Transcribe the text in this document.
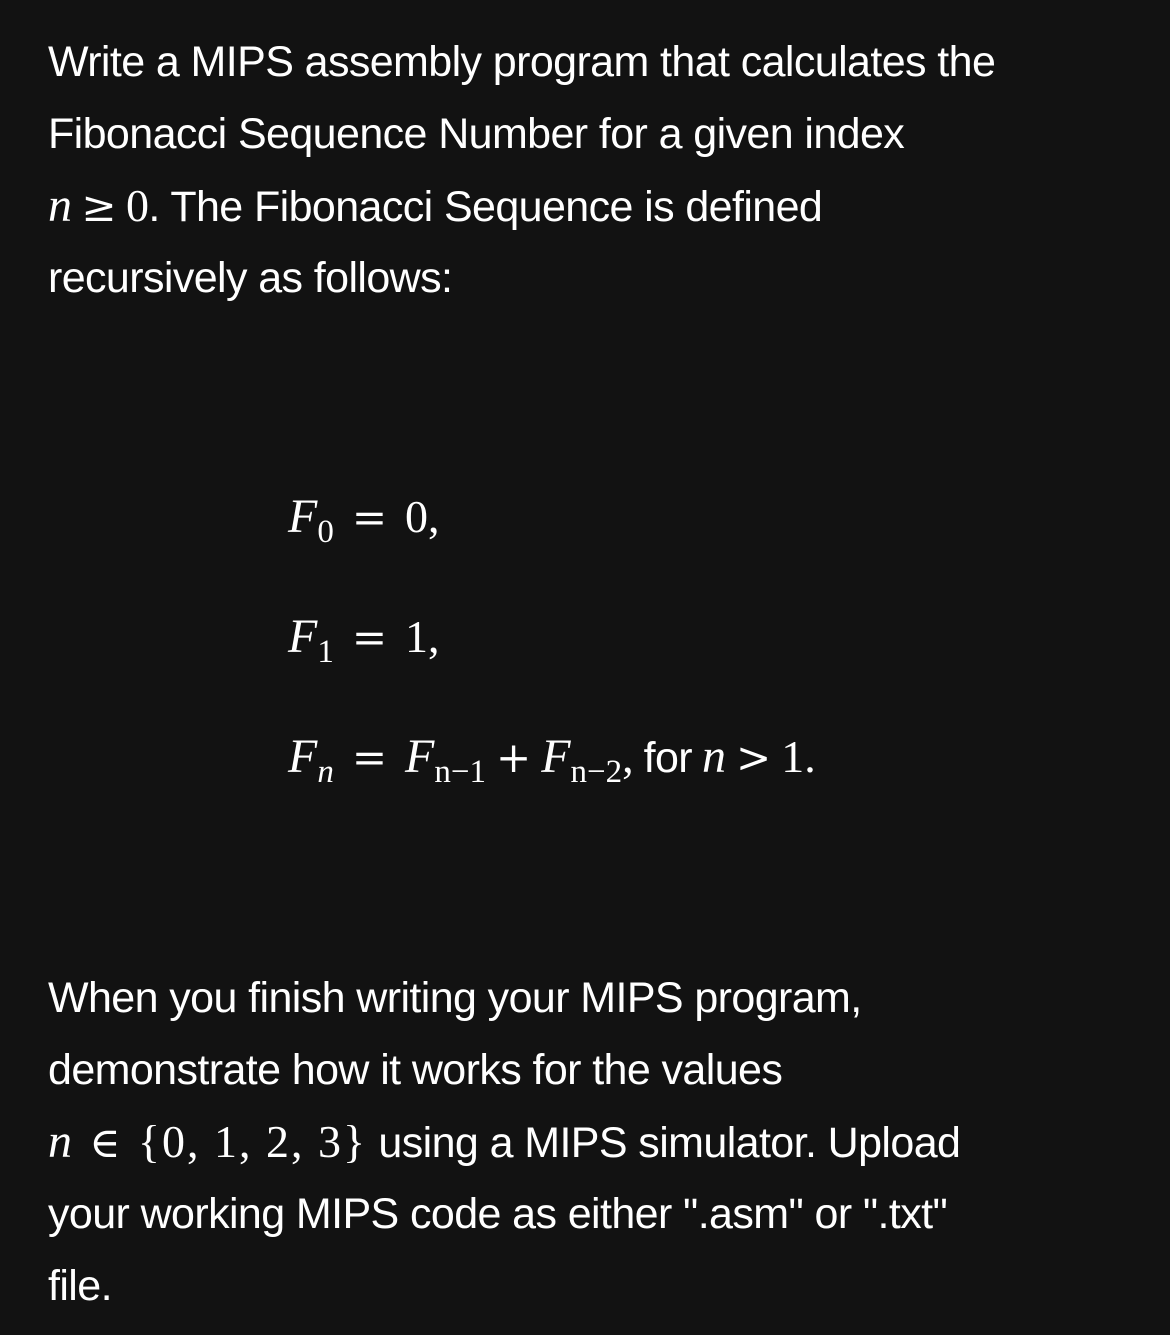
Write a MIPS assembly program that calculates the
Fibonacci Sequence Number for a given index
n ≥ 0. The Fibonacci Sequence is defined
recursively as follows:
$F_0 = 0$,
$F_1 = 1$,
$F_n = F_{n-1} + F_{n-2}$, for n > 1.
When you finish writing your MIPS program,
demonstrate how it works for the values
n ∈ {0, 1, 2, 3} using a MIPS simulator. Upload
your working MIPS code as either ".asm" or ".txt"
file.
